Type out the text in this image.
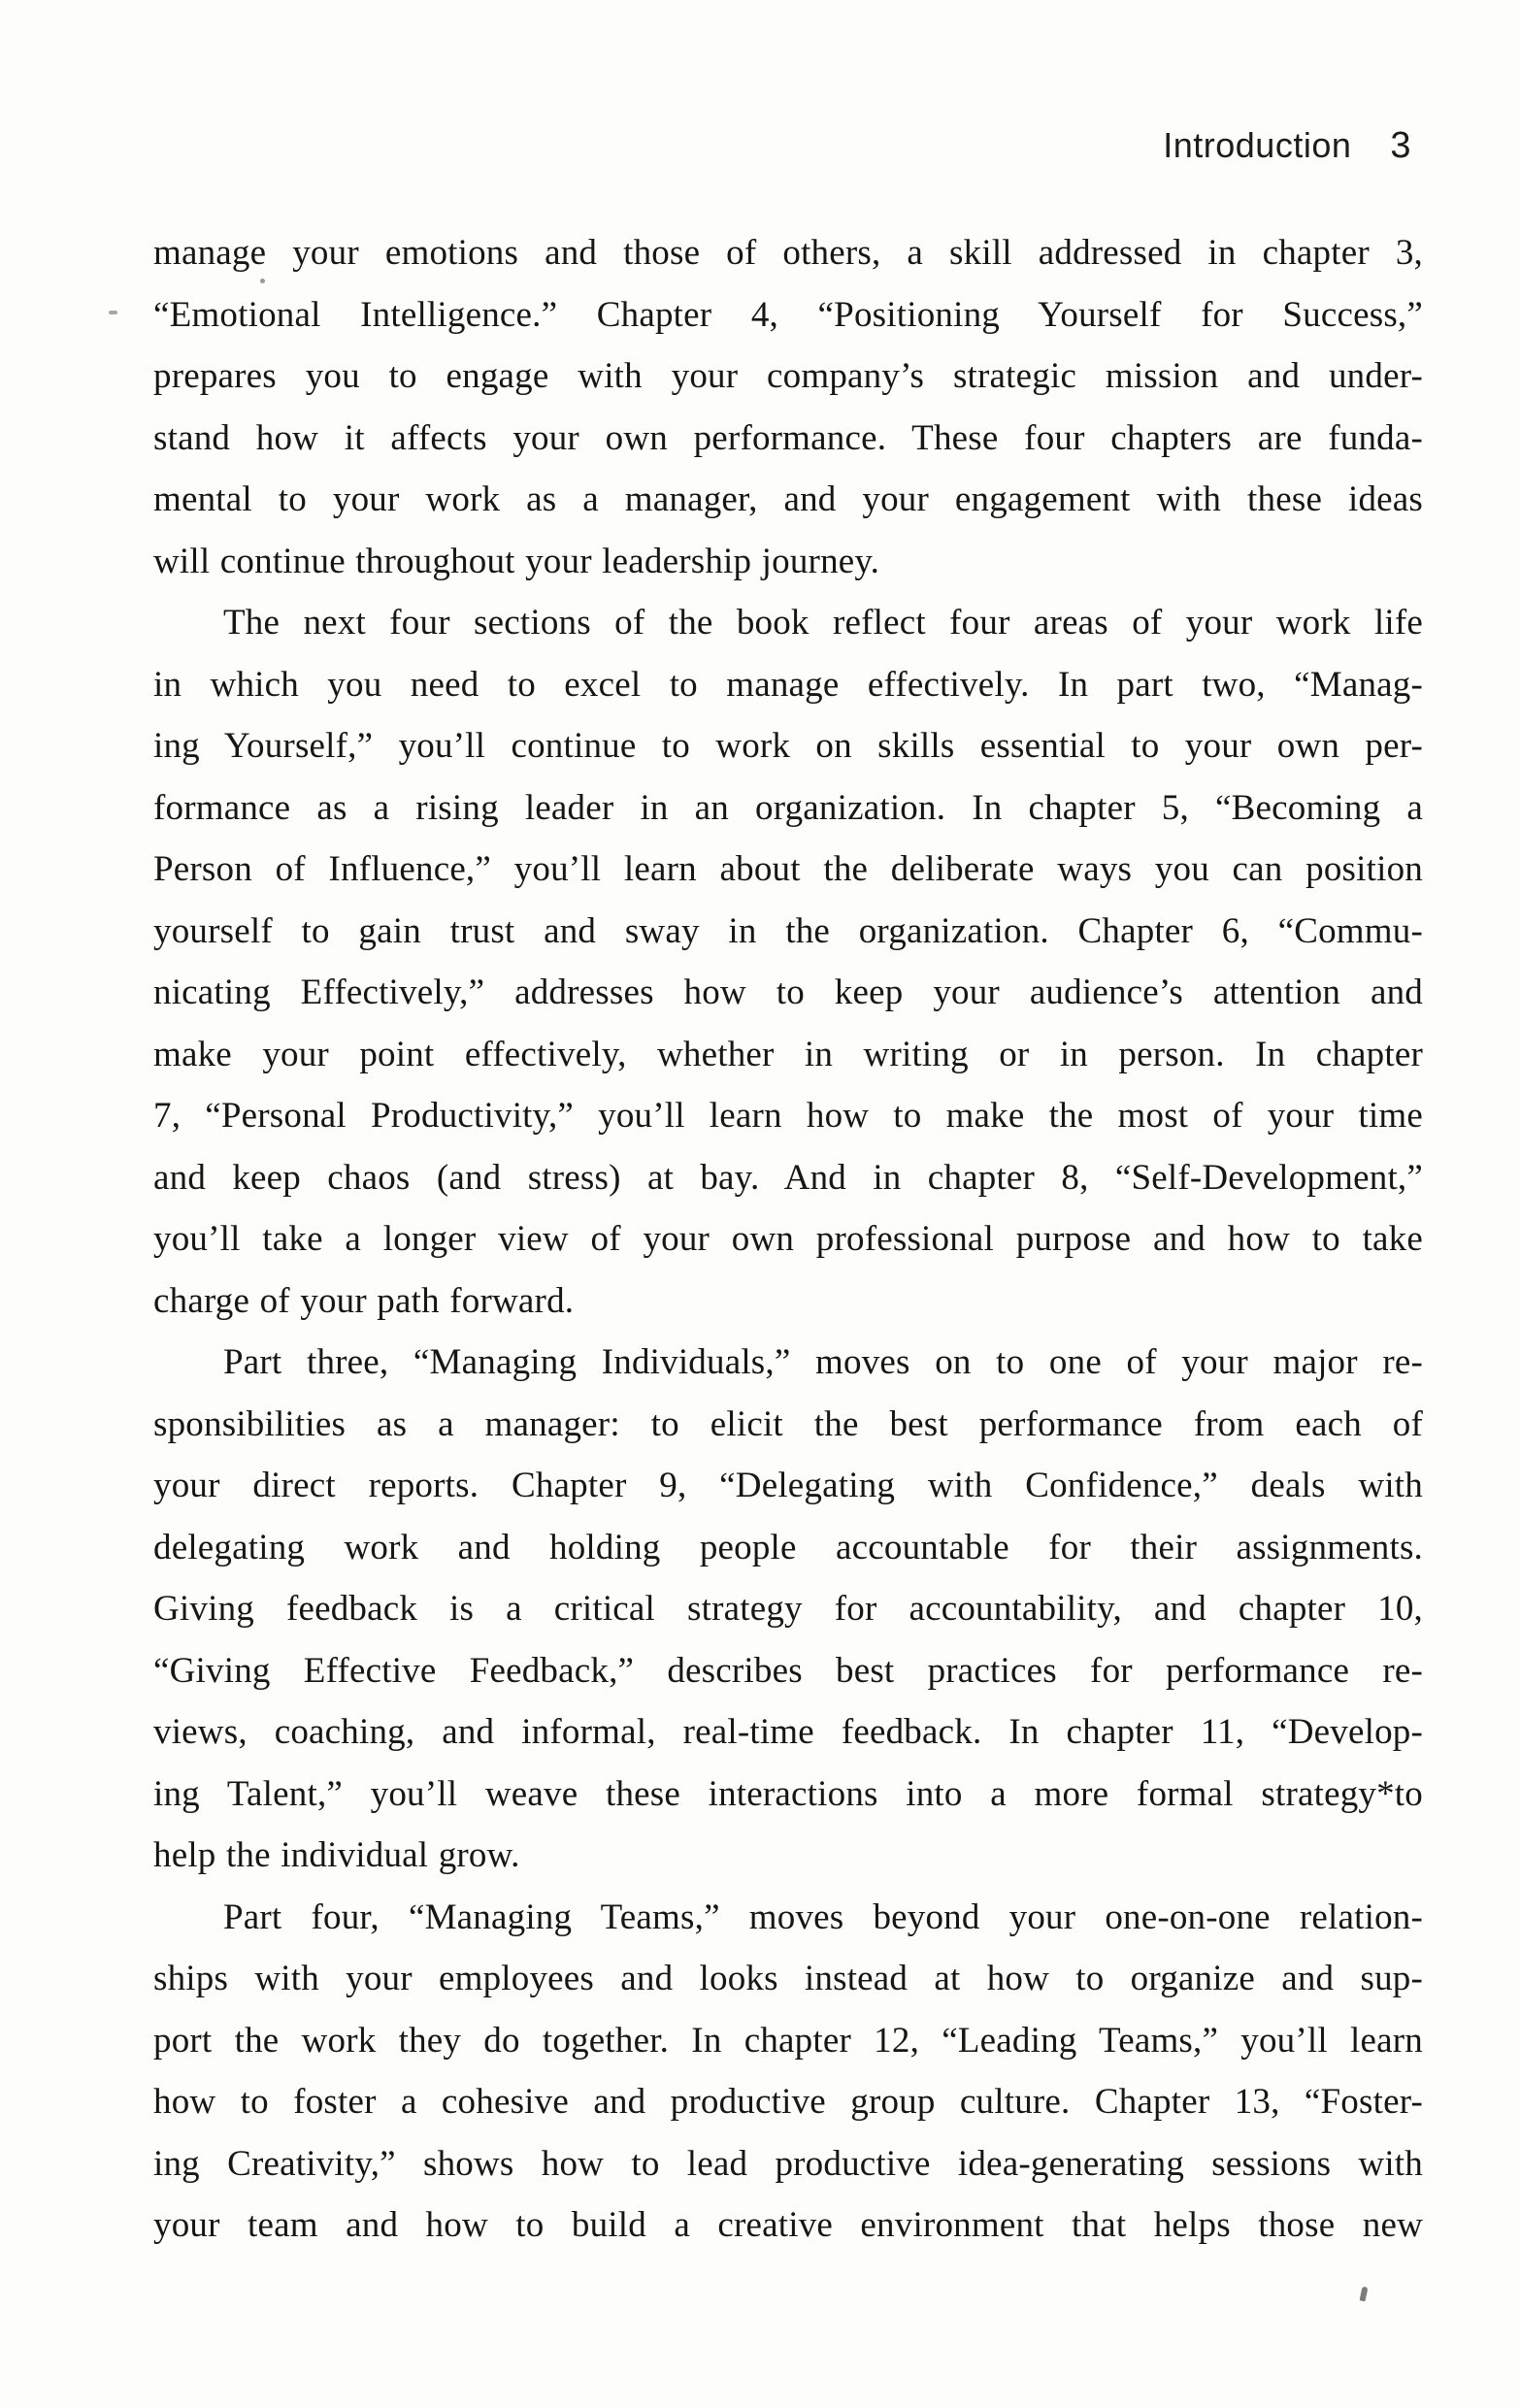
Introduction 3
manage your emotions and those of others, a skill addressed in chapter 3,
“Emotional Intelligence.” Chapter 4, “Positioning Yourself for Success,”
prepares you to engage with your company’s strategic mission and under-
stand how it affects your own performance. These four chapters are funda-
mental to your work as a manager, and your engagement with these ideas
will continue throughout your leadership journey.
The next four sections of the book reflect four areas of your work life
in which you need to excel to manage effectively. In part two, “Manag-
ing Yourself,” you’ll continue to work on skills essential to your own per-
formance as a rising leader in an organization. In chapter 5, “Becoming a
Person of Influence,” you’ll learn about the deliberate ways you can position
yourself to gain trust and sway in the organization. Chapter 6, “Commu-
nicating Effectively,” addresses how to keep your audience’s attention and
make your point effectively, whether in writing or in person. In chapter
7, “Personal Productivity,” you’ll learn how to make the most of your time
and keep chaos (and stress) at bay. And in chapter 8, “Self-Development,”
you’ll take a longer view of your own professional purpose and how to take
charge of your path forward.
Part three, “Managing Individuals,” moves on to one of your major re-
sponsibilities as a manager: to elicit the best performance from each of
your direct reports. Chapter 9, “Delegating with Confidence,” deals with
delegating work and holding people accountable for their assignments.
Giving feedback is a critical strategy for accountability, and chapter 10,
“Giving Effective Feedback,” describes best practices for performance re-
views, coaching, and informal, real-time feedback. In chapter 11, “Develop-
ing Talent,” you’ll weave these interactions into a more formal strategy*to
help the individual grow.
Part four, “Managing Teams,” moves beyond your one-on-one relation-
ships with your employees and looks instead at how to organize and sup-
port the work they do together. In chapter 12, “Leading Teams,” you’ll learn
how to foster a cohesive and productive group culture. Chapter 13, “Foster-
ing Creativity,” shows how to lead productive idea-generating sessions with
your team and how to build a creative environment that helps those new
